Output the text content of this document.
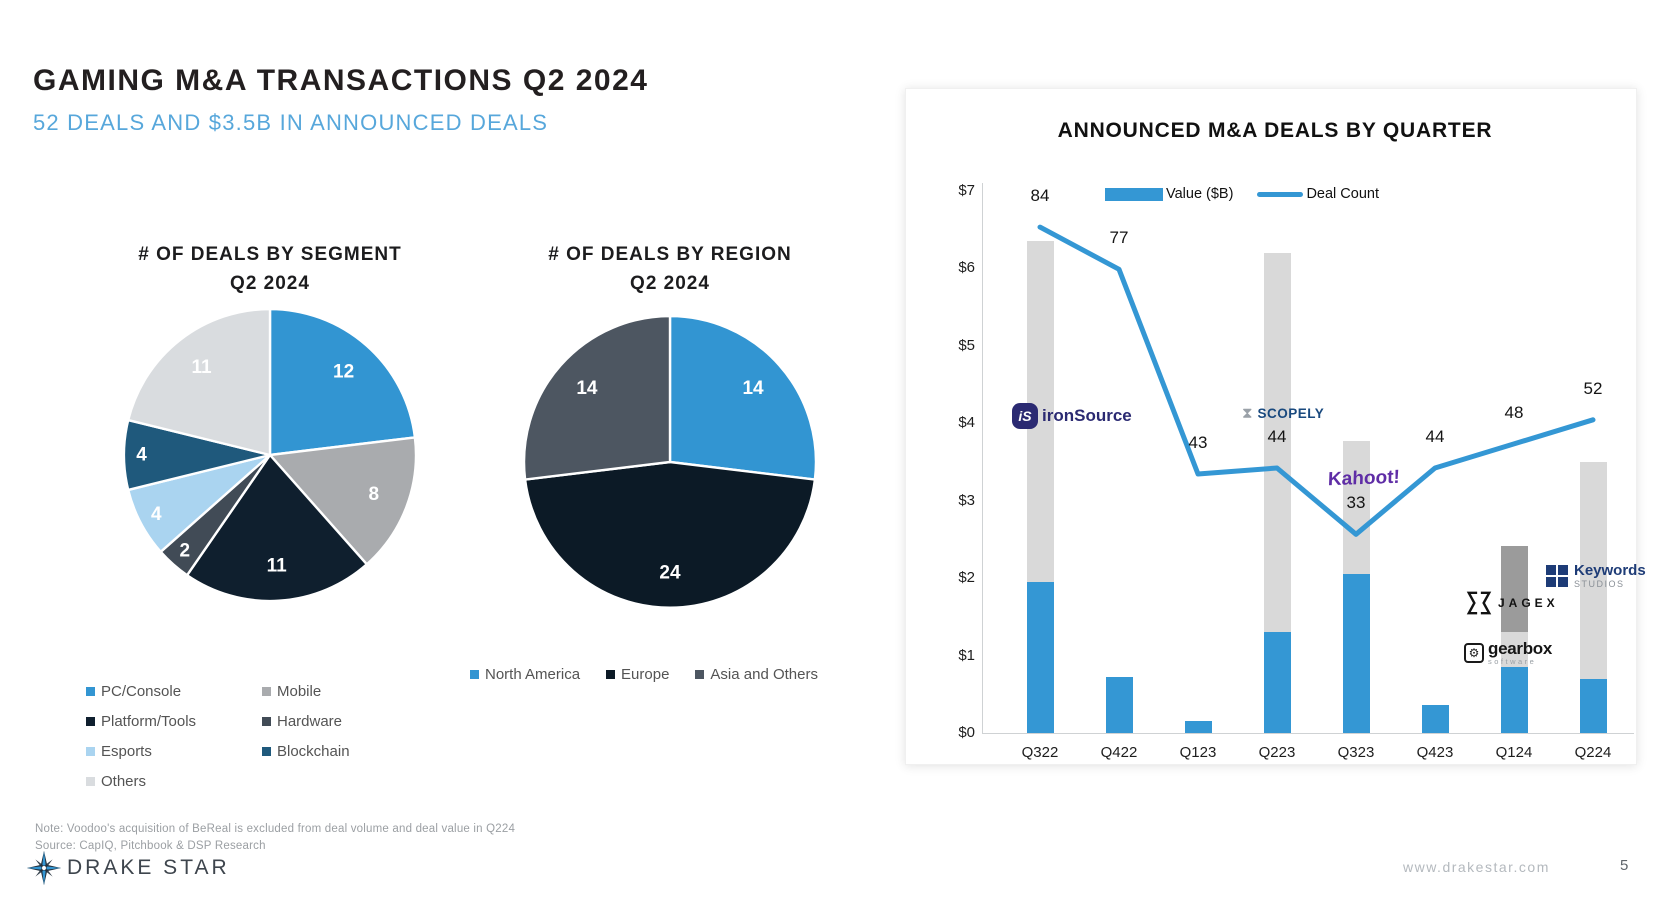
GAMING M&A TRANSACTIONS Q2 2024
52 DEALS AND $3.5B IN ANNOUNCED DEALS
# OF DEALS BY SEGMENT
Q2 2024
12
8
11
2
4
4
11
PC/Console	Mobile
Platform/Tools	Hardware
Esports	Blockchain
Others
# OF DEALS BY REGION
Q2 2024
14
24
14
North America	Europe	Asia and Others
ANNOUNCED M&A DEALS BY QUARTER
Value ($B)	Deal Count
$0
$1
$2
$3
$4
$5
$6
$7
Q322	Q422	Q123	Q223	Q323	Q423	Q124	Q224
84
77
43	44
33
44
48
52
iS ironSource	⧗ SCOPELY
Kahoot!
JAGEX
⚙ gearbox
software
Keywords
STUDIOS
Note: Voodoo's acquisition of BeReal is excluded from deal volume and deal value in Q224
Source: CapIQ, Pitchbook & DSP Research
DRAKE STAR	www.drakestar.com	5
